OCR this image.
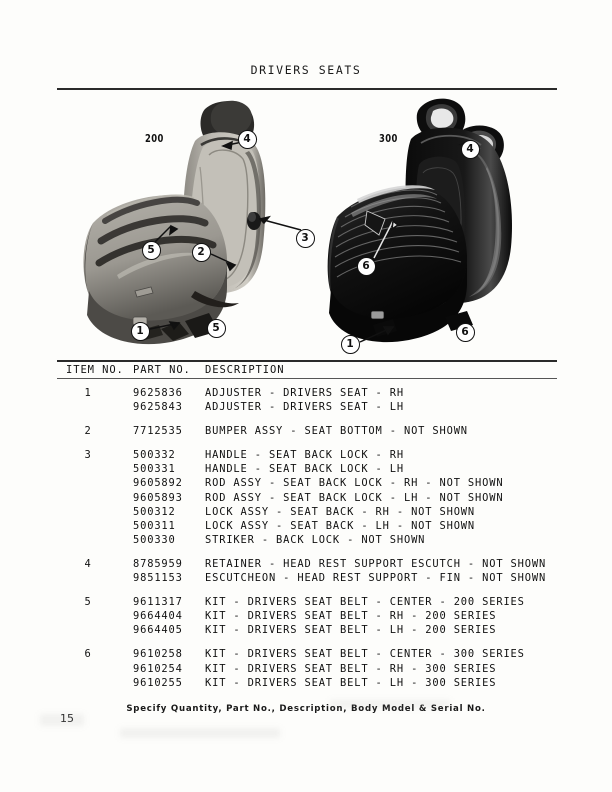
DRIVERS SEATS
200	4
3
5	2
1	5
300
4
6
1
6
ITEM NO. PART NO. DESCRIPTION
1	9625836 ADJUSTER - DRIVERS SEAT - RH
9625843 ADJUSTER - DRIVERS SEAT - LH
2	7712535 BUMPER ASSY - SEAT BOTTOM - NOT SHOWN
3	500332	HANDLE - SEAT BACK LOCK - RH
500331	HANDLE - SEAT BACK LOCK - LH
9605892 ROD ASSY - SEAT BACK LOCK - RH - NOT SHOWN
9605893 ROD ASSY - SEAT BACK LOCK - LH - NOT SHOWN
500312	LOCK ASSY - SEAT BACK - RH - NOT SHOWN
500311	LOCK ASSY - SEAT BACK - LH - NOT SHOWN
500330	STRIKER - BACK LOCK - NOT SHOWN
4	8785959 RETAINER - HEAD REST SUPPORT ESCUTCH - NOT SHOWN
9851153 ESCUTCHEON - HEAD REST SUPPORT - FIN - NOT SHOWN
5	9611317 KIT - DRIVERS SEAT BELT - CENTER - 200 SERIES
9664404 KIT - DRIVERS SEAT BELT - RH - 200 SERIES
9664405 KIT - DRIVERS SEAT BELT - LH - 200 SERIES
6	9610258 KIT - DRIVERS SEAT BELT - CENTER - 300 SERIES
9610254 KIT - DRIVERS SEAT BELT - RH - 300 SERIES
9610255 KIT - DRIVERS SEAT BELT - LH - 300 SERIES
Specify Quantity, Part No., Description, Body Model & Serial No.
15
